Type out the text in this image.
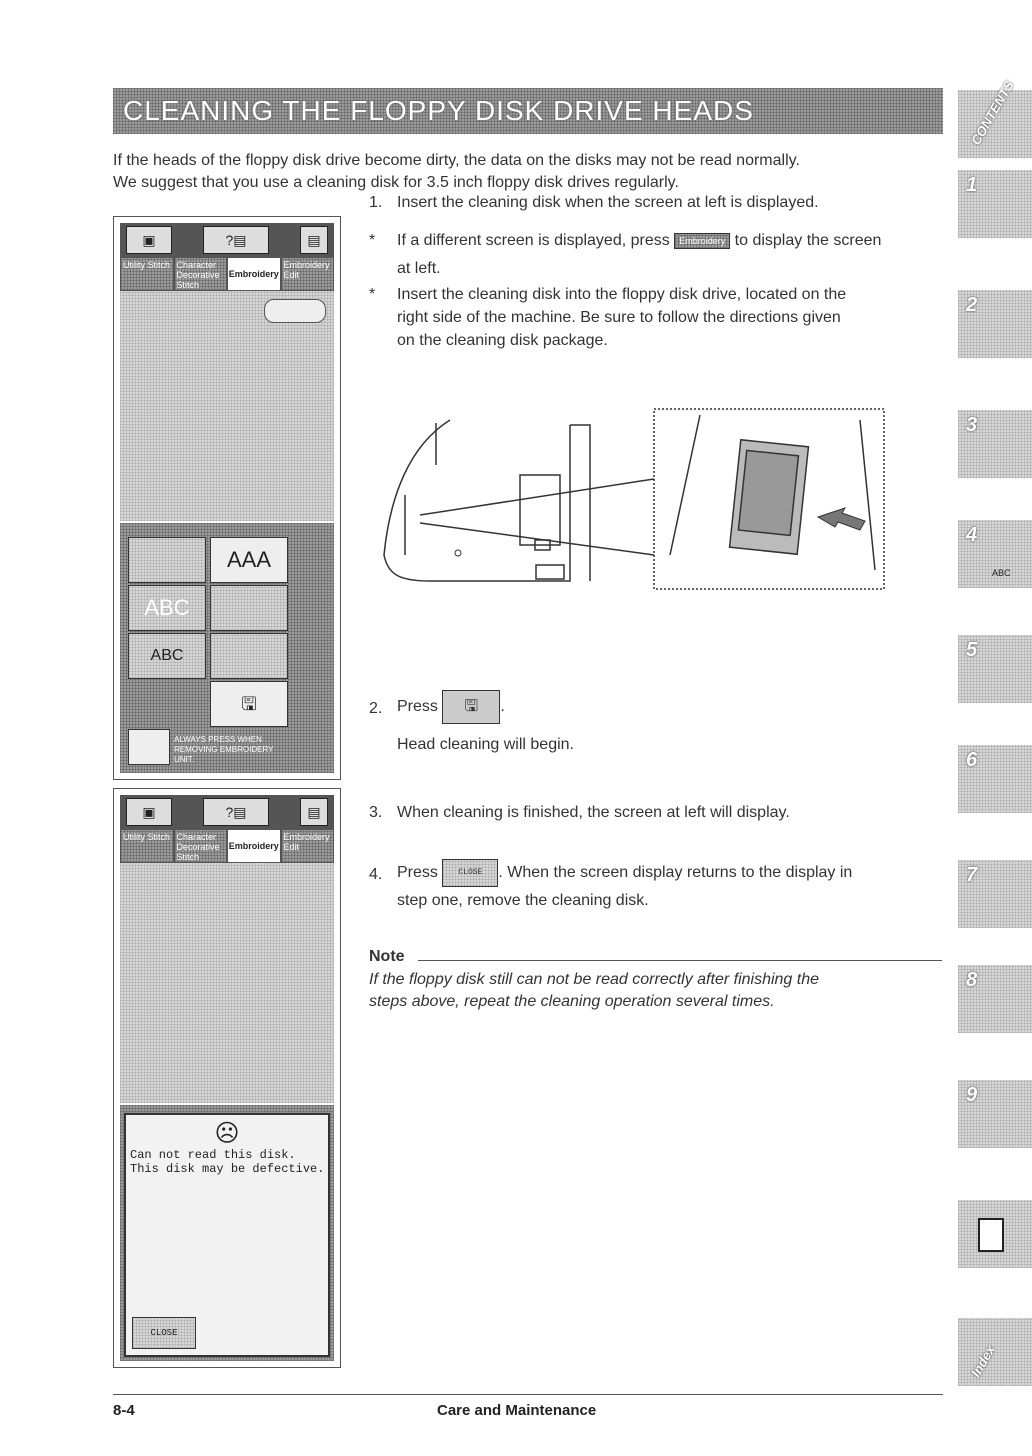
CLEANING THE FLOPPY DISK DRIVE HEADS
If the heads of the floppy disk drive become dirty, the data on the disks may not be read normally.
We suggest that you use a cleaning disk for 3.5 inch floppy disk drives regularly.
▣	?▤	▤
Utility Stitch Character Decorative Stitch
Embroidery
Embroidery Edit
AAA
ABC
ABC
🖫
ALWAYS PRESS WHEN REMOVING EMBROIDERY UNIT.
▣	?▤	▤
Utility Stitch Character Decorative Stitch
Embroidery
Embroidery Edit
☹
Can not read this disk.
This disk may be defective.
CLOSE
1. Insert the cleaning disk when the screen at left is displayed.
* If a different screen is displayed, press Embroidery to display the screen
at left.
* Insert the cleaning disk into the floppy disk drive, located on the
right side of the machine. Be sure to follow the directions given
on the cleaning disk package.
2. Press 🖫 .
Head cleaning will begin.
3. When cleaning is finished, the screen at left will display.
4. Press	CLOSE . When the screen display returns to the display in
step one, remove the cleaning disk.
Note
If the floppy disk still can not be read correctly after finishing the
steps above, repeat the cleaning operation several times.
CONTENTS
1
2
3
4
ABC
5
6
7
8
9
Index
8-4	Care and Maintenance
